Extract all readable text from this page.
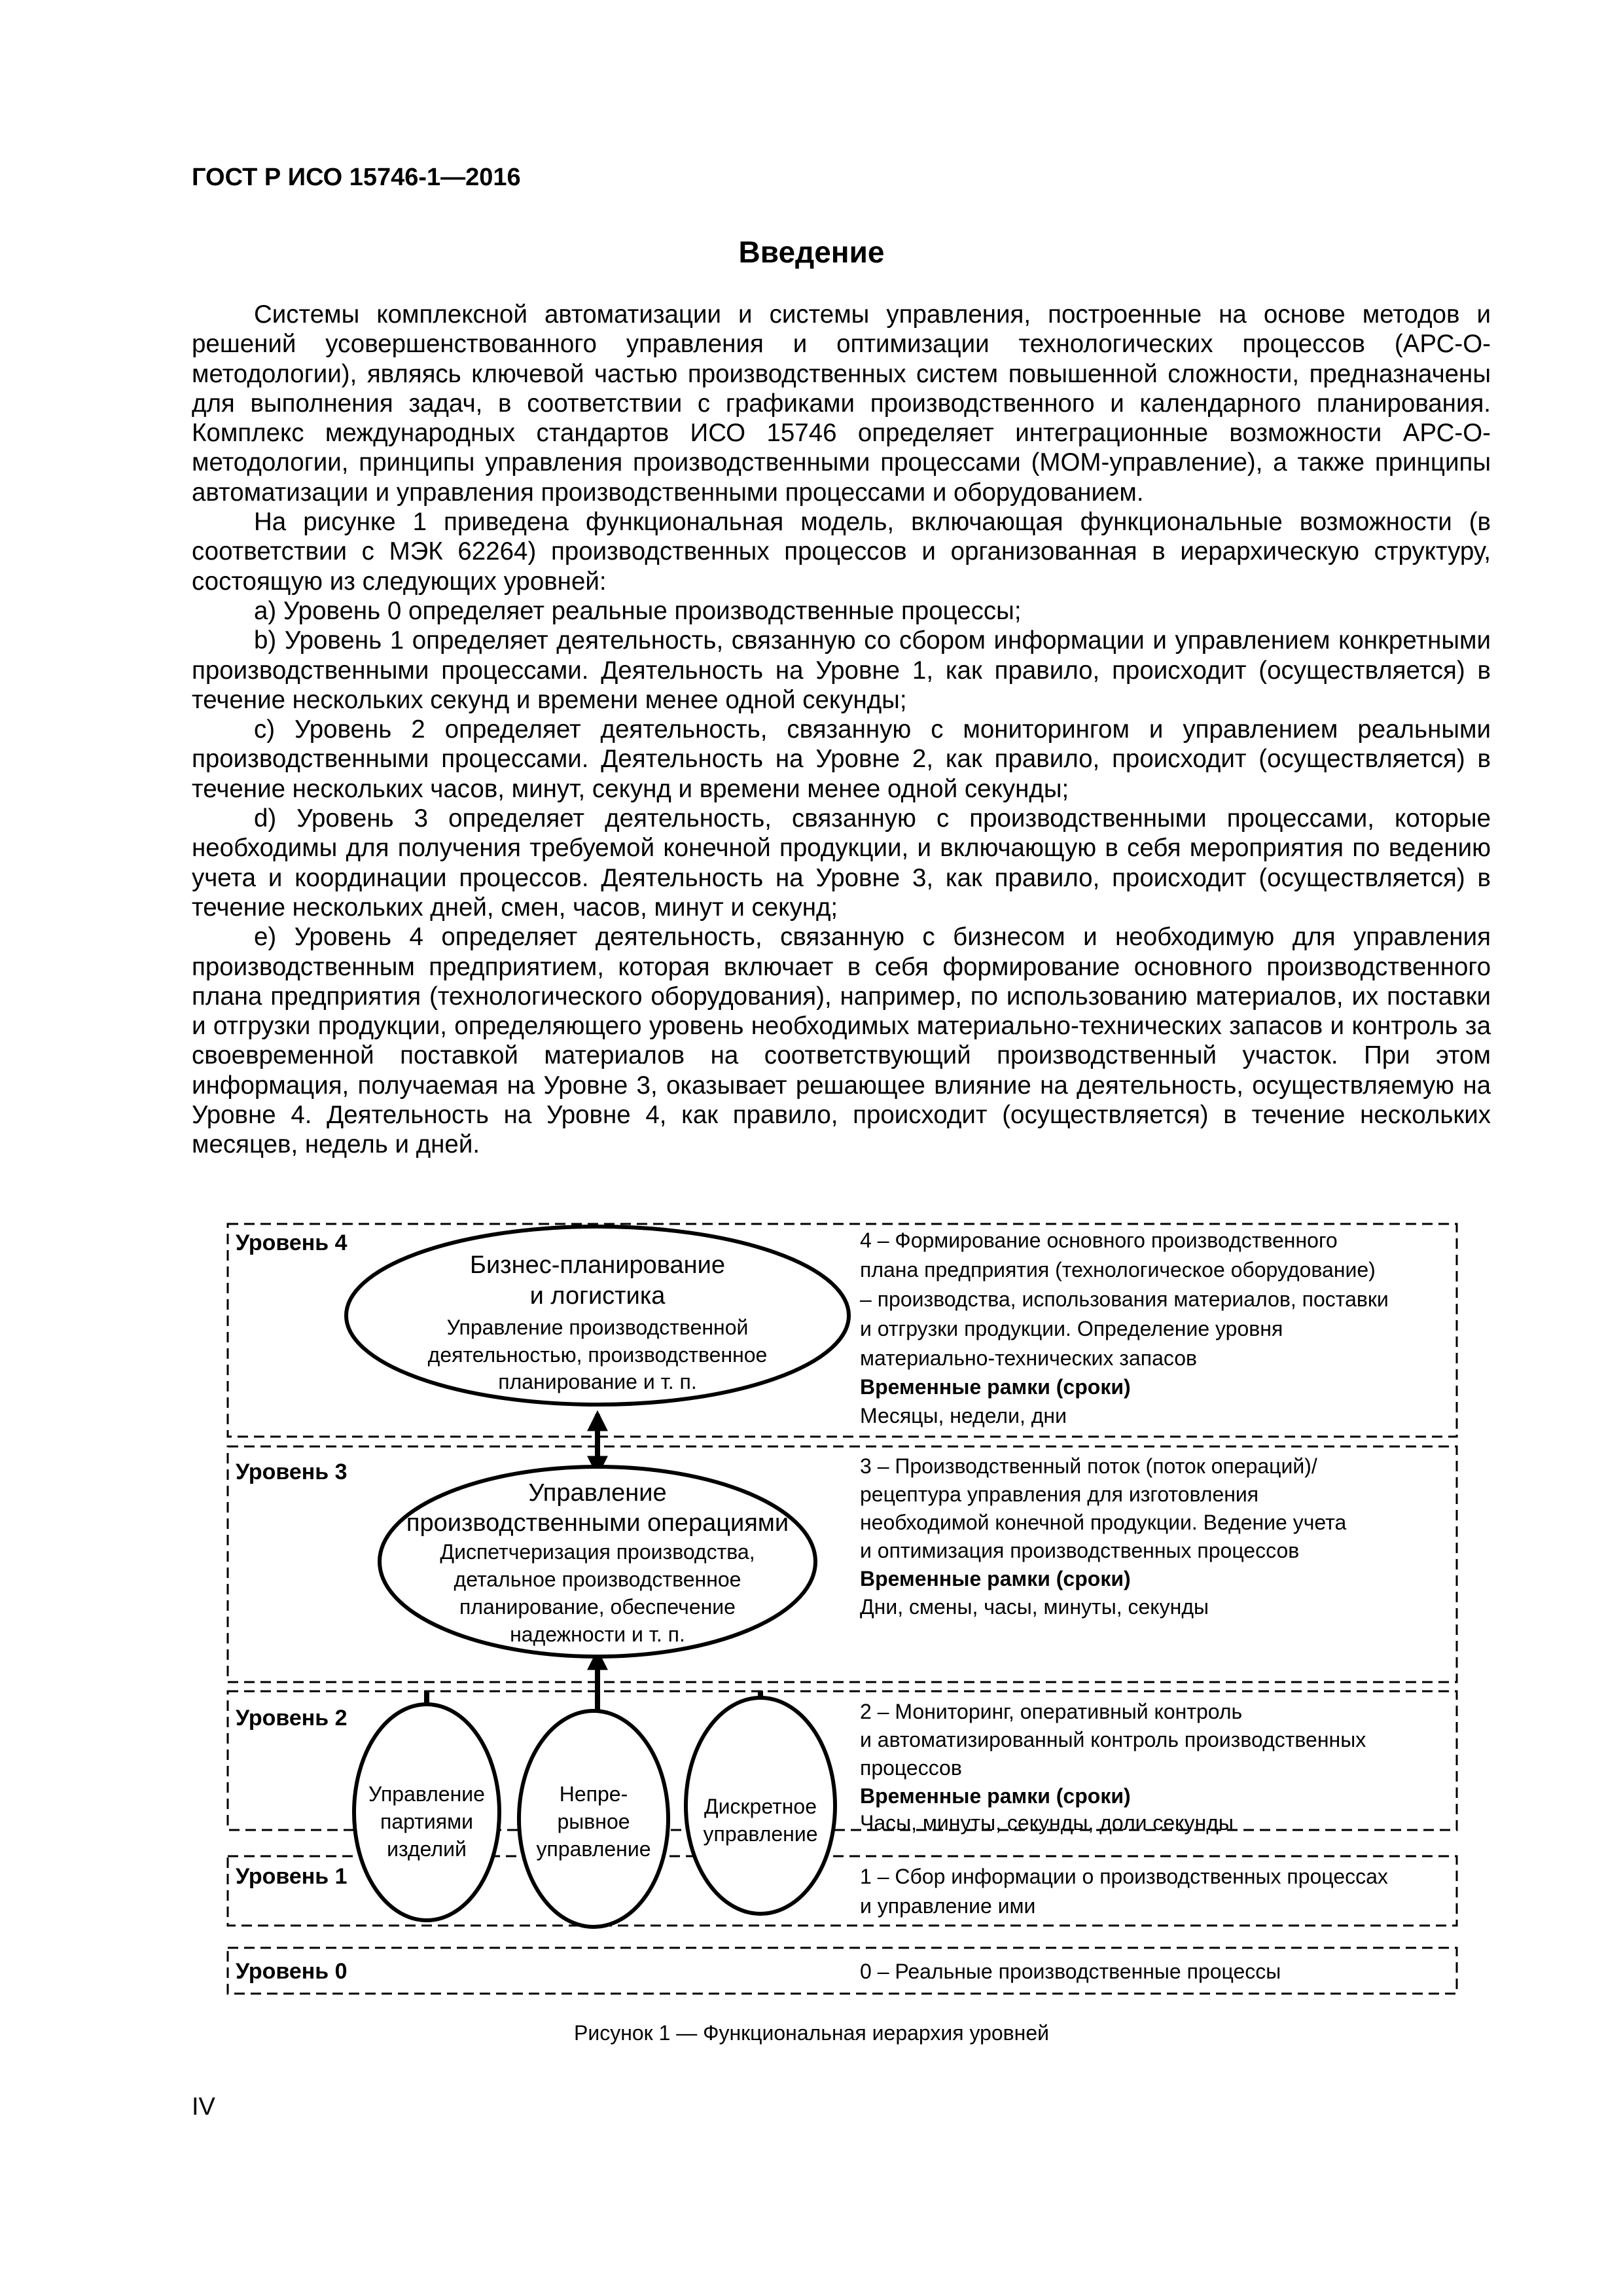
ГОСТ Р ИСО 15746-1—2016
Введение

Системы комплексной автоматизации и системы управления, построенные на основе методов и решений усовершенствованного управления и оптимизации технологических процессов (АРС-О-методологии), являясь ключевой частью производственных систем повышенной сложности, предназначены для выполнения задач, в соответствии с графиками производственного и календарного планирования. Комплекс международных стандартов ИСО 15746 определяет интеграционные возможности АРС-О-методологии, принципы управления производственными процессами (МОМ-управление), а также принципы автоматизации и управления производственными процессами и оборудованием.

На рисунке 1 приведена функциональная модель, включающая функциональные возможности (в соответствии с МЭК 62264) производственных процессов и организованная в иерархическую структуру, состоящую из следующих уровней:

a) Уровень 0 определяет реальные производственные процессы;

b) Уровень 1 определяет деятельность, связанную со сбором информации и управлением конкретными производственными процессами. Деятельность на Уровне 1, как правило, происходит (осуществляется) в течение нескольких секунд и времени менее одной секунды;

c) Уровень 2 определяет деятельность, связанную с мониторингом и управлением реальными производственными процессами. Деятельность на Уровне 2, как правило, происходит (осуществляется) в течение нескольких часов, минут, секунд и времени менее одной секунды;

d) Уровень 3 определяет деятельность, связанную с производственными процессами, которые необходимы для получения требуемой конечной продукции, и включающую в себя мероприятия по ведению учета и координации процессов. Деятельность на Уровне 3, как правило, происходит (осуществляется) в течение нескольких дней, смен, часов, минут и секунд;

e) Уровень 4 определяет деятельность, связанную с бизнесом и необходимую для управления производственным предприятием, которая включает в себя формирование основного производственного плана предприятия (технологического оборудования), например, по использованию материалов, их поставки и отгрузки продукции, определяющего уровень необходимых материально-технических запасов и контроль за своевременной поставкой материалов на соответствующий производственный участок. При этом информация, получаемая на Уровне 3, оказывает решающее влияние на деятельность, осуществляемую на Уровне 4. Деятельность на Уровне 4, как правило, происходит (осуществляется) в течение нескольких месяцев, недель и дней.

Уровень 4
Уровень 3
Уровень 2
Уровень 1
Уровень 0
Бизнес-планирование
и логистика
Управление производственной
деятельностью, производственное
планирование и т. п.
Управление
производственными операциями
Диспетчеризация производства,
детальное производственное
планирование, обеспечение
надежности и т. п.
Управление
партиями
изделий
Непре-
рывное
управление
Дискретное
управление
4 – Формирование основного производственного
плана предприятия (технологическое оборудование)
– производства, использования материалов, поставки
и отгрузки продукции. Определение уровня
материально-технических запасов
Временные рамки (сроки)
Месяцы, недели, дни
3 – Производственный поток (поток операций)/
рецептура управления для изготовления
необходимой конечной продукции. Ведение учета
и оптимизация производственных процессов
Временные рамки (сроки)
Дни, смены, часы, минуты, секунды
2 – Мониторинг, оперативный контроль
и автоматизированный контроль производственных
процессов
Временные рамки (сроки)
Часы, минуты, секунды, доли секунды
1 – Сбор информации о производственных процессах
и управление ими
0 – Реальные производственные процессы
Рисунок 1 — Функциональная иерархия уровней
IV
